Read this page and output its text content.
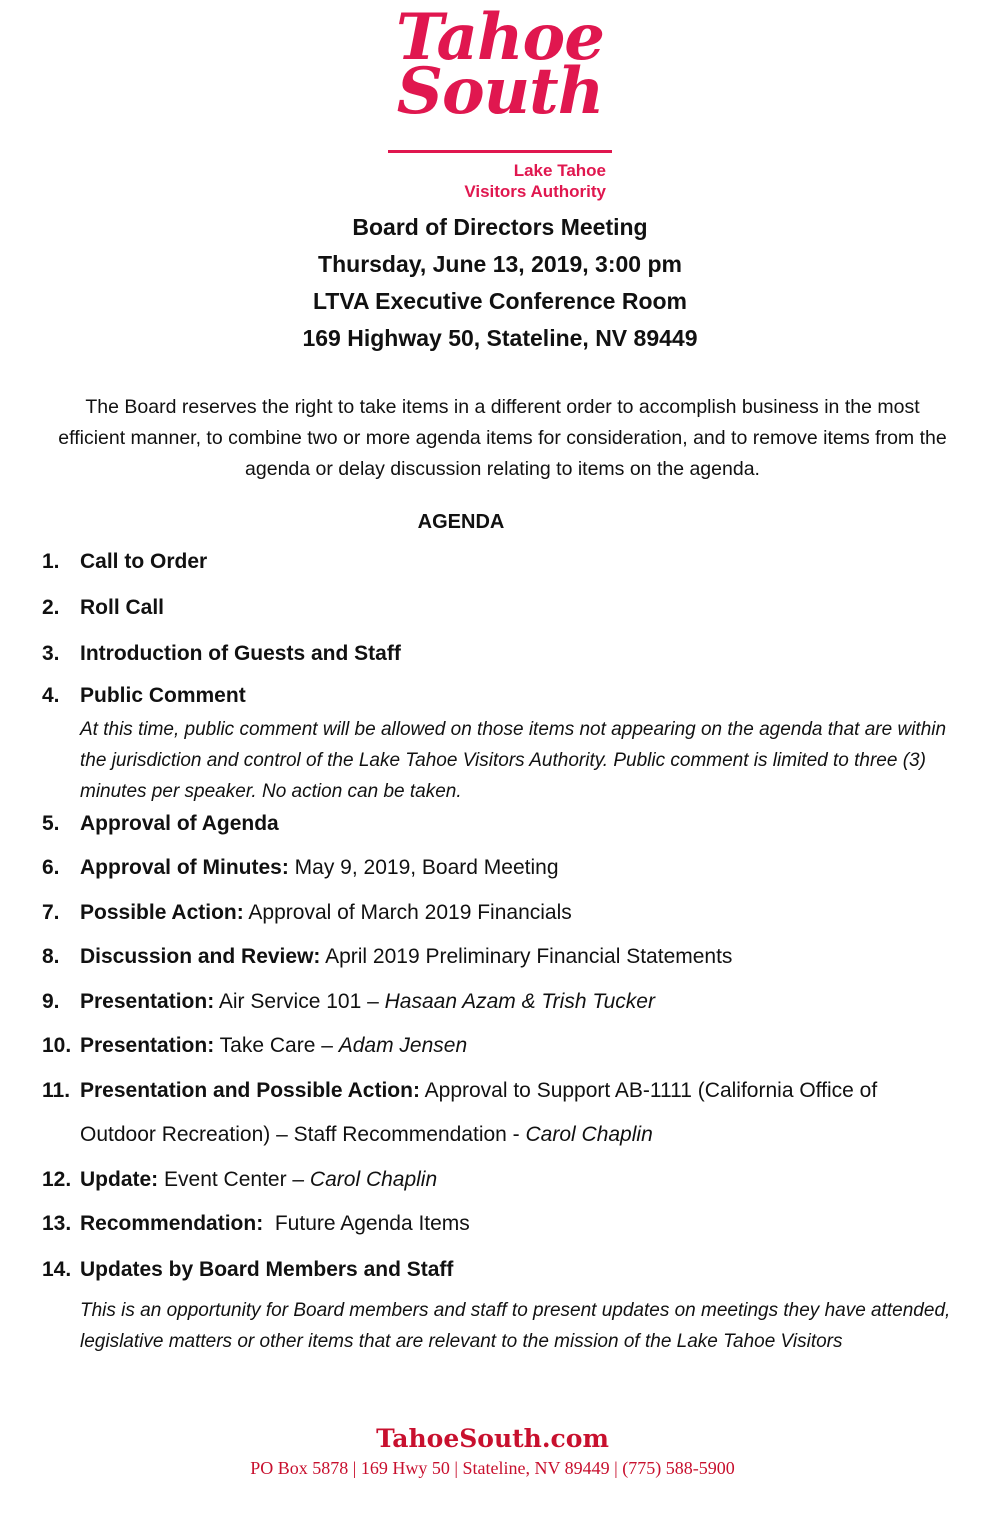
Tahoe
South
Lake Tahoe
Visitors Authority
Board of Directors Meeting
Thursday, June 13, 2019, 3:00 pm
LTVA Executive Conference Room
169 Highway 50, Stateline, NV 89449
The Board reserves the right to take items in a different order to accomplish business in the most efficient manner, to combine two or more agenda items for consideration, and to remove items from the agenda or delay discussion relating to items on the agenda.
AGENDA
1. Call to Order
2. Roll Call
3. Introduction of Guests and Staff
4. Public Comment
At this time, public comment will be allowed on those items not appearing on the agenda that are within the jurisdiction and control of the Lake Tahoe Visitors Authority. Public comment is limited to three (3) minutes per speaker. No action can be taken.
5. Approval of Agenda
6. Approval of Minutes: May 9, 2019, Board Meeting
7. Possible Action: Approval of March 2019 Financials
8. Discussion and Review: April 2019 Preliminary Financial Statements
9. Presentation: Air Service 101 – Hasaan Azam & Trish Tucker
10. Presentation: Take Care – Adam Jensen
11. Presentation and Possible Action: Approval to Support AB-1111 (California Office of
Outdoor Recreation) – Staff Recommendation - Carol Chaplin
12. Update: Event Center – Carol Chaplin
13. Recommendation:  Future Agenda Items
14. Updates by Board Members and Staff
This is an opportunity for Board members and staff to present updates on meetings they have attended, legislative matters or other items that are relevant to the mission of the Lake Tahoe Visitors
TahoeSouth.com
PO Box 5878 | 169 Hwy 50 | Stateline, NV 89449 | (775) 588-5900
